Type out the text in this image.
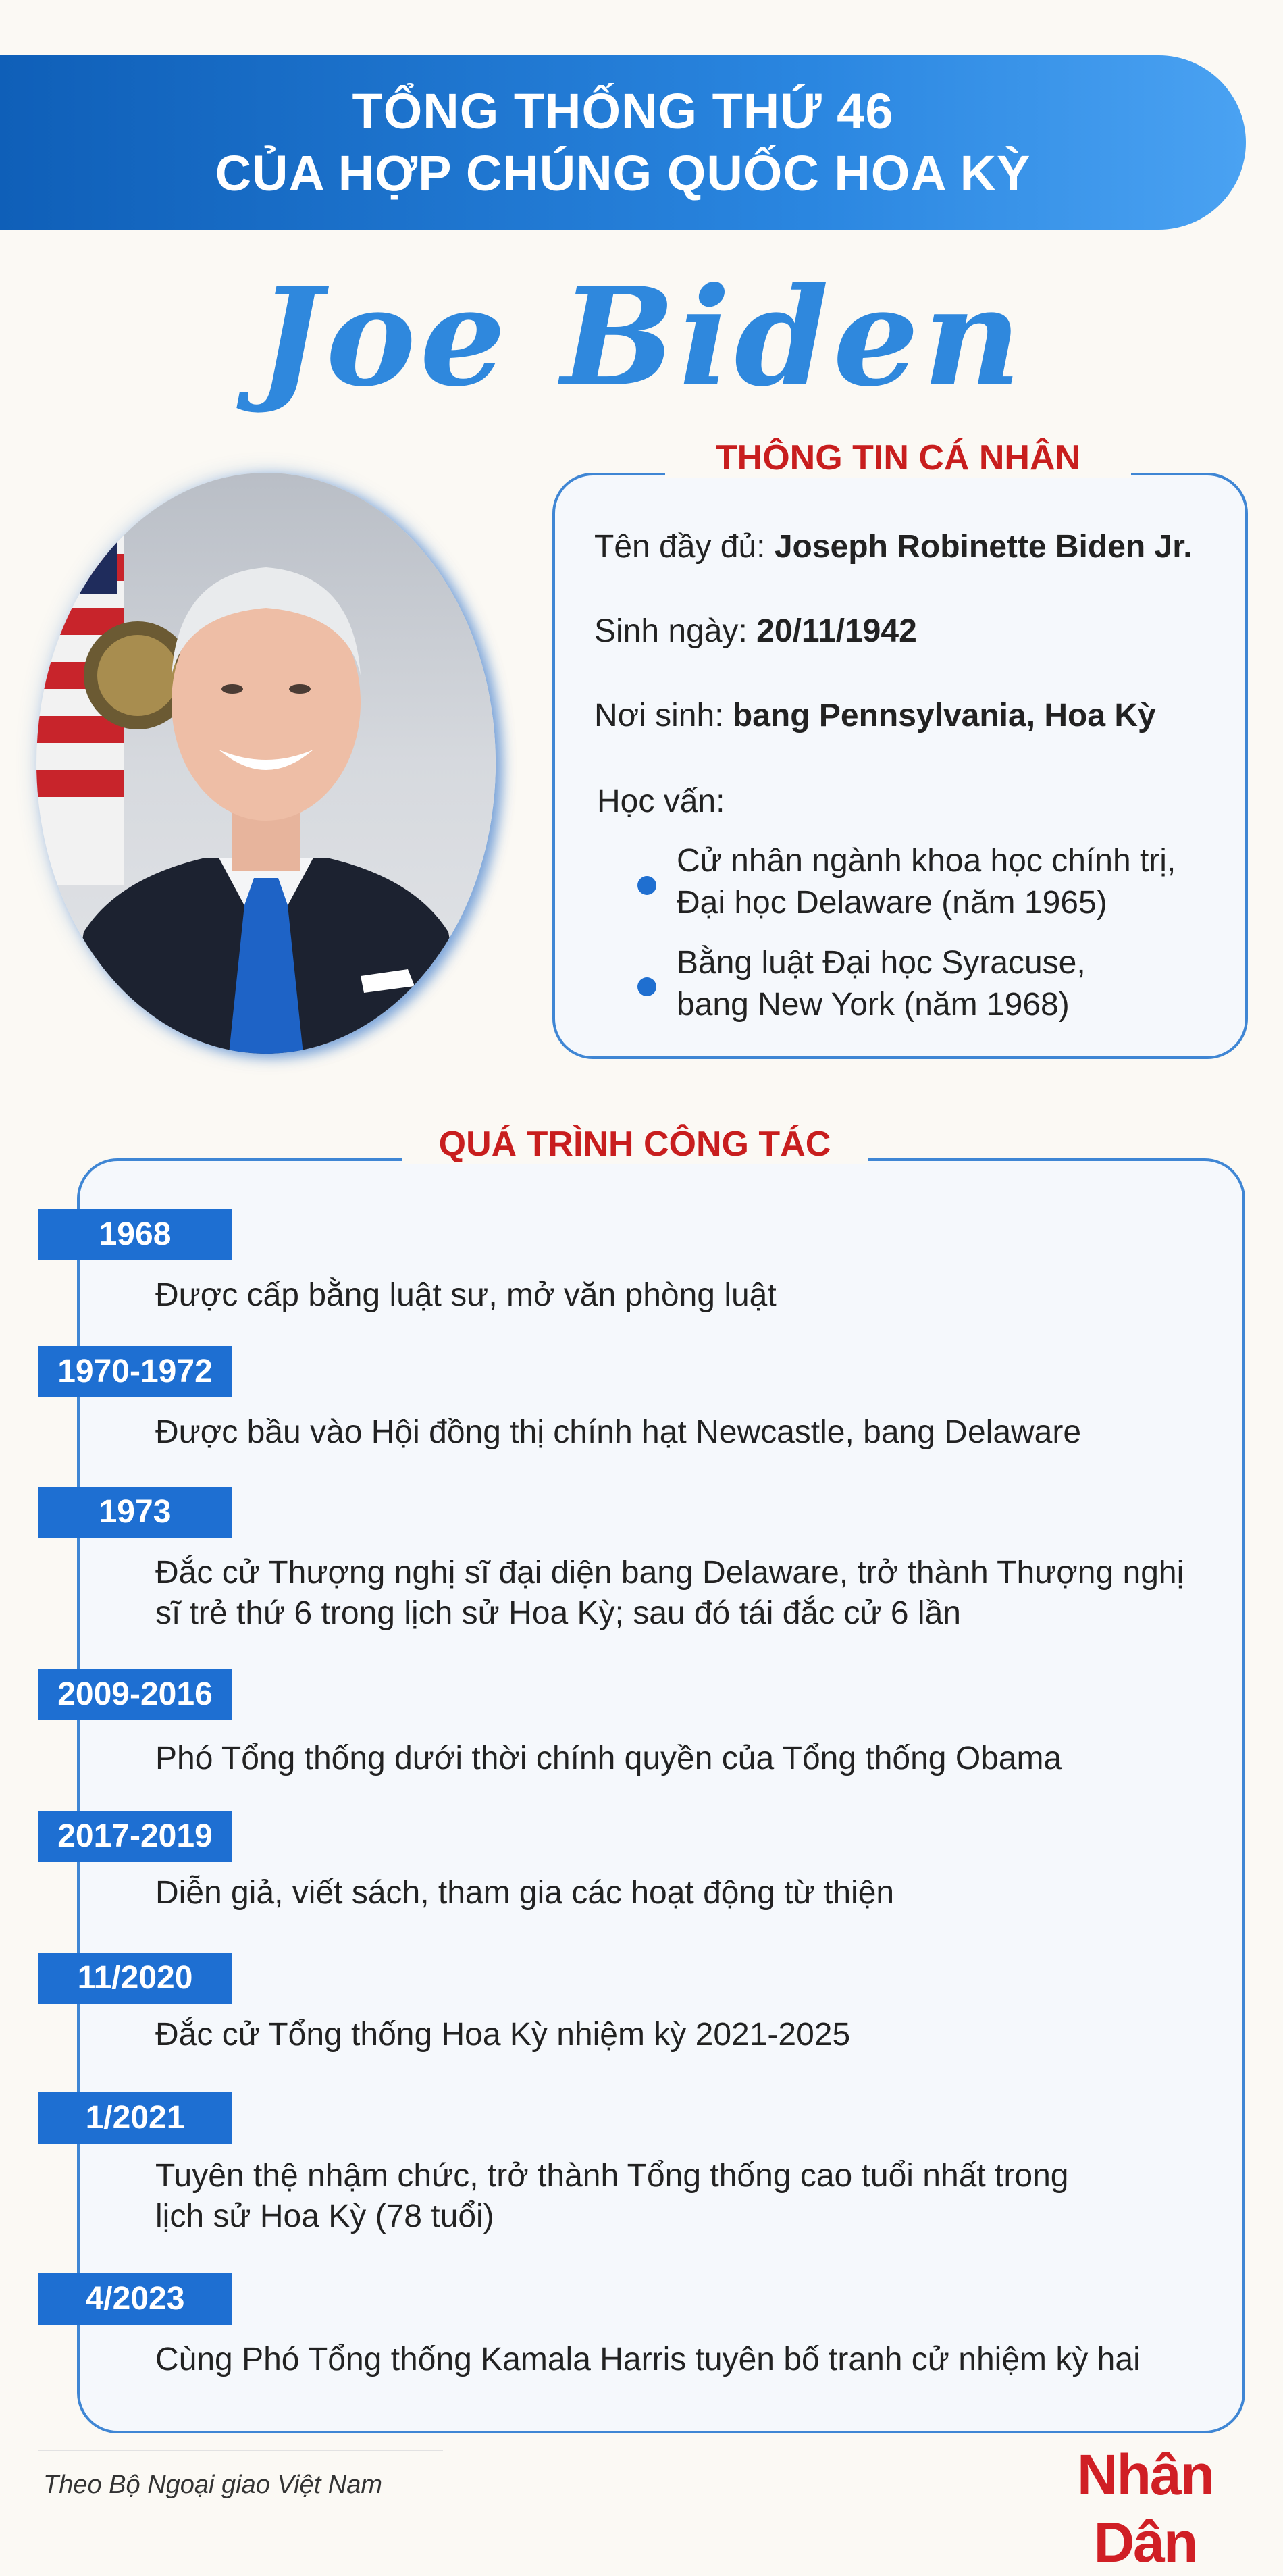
TỔNG THỐNG THỨ 46
CỦA HỢP CHÚNG QUỐC HOA KỲ
Joe Biden
THÔNG TIN CÁ NHÂN
Tên đầy đủ: Joseph Robinette Biden Jr.
Sinh ngày: 20/11/1942
Nơi sinh: bang Pennsylvania, Hoa Kỳ
Học vấn:
Cử nhân ngành khoa học chính trị,
Đại học Delaware (năm 1965)
Bằng luật Đại học Syracuse,
bang New York (năm 1968)
QUÁ TRÌNH CÔNG TÁC
1968
Được cấp bằng luật sư, mở văn phòng luật
1970-1972
Được bầu vào Hội đồng thị chính hạt Newcastle, bang Delaware
1973
Đắc cử Thượng nghị sĩ đại diện bang Delaware, trở thành Thượng nghị
sĩ trẻ thứ 6 trong lịch sử Hoa Kỳ; sau đó tái đắc cử 6 lần
2009-2016
Phó Tổng thống dưới thời chính quyền của Tổng thống Obama
2017-2019
Diễn giả, viết sách, tham gia các hoạt động từ thiện
11/2020
Đắc cử Tổng thống Hoa Kỳ nhiệm kỳ 2021-2025
1/2021
Tuyên thệ nhậm chức, trở thành Tổng thống cao tuổi nhất trong
lịch sử Hoa Kỳ (78 tuổi)
4/2023
Cùng Phó Tổng thống Kamala Harris tuyên bố tranh cử nhiệm kỳ hai
Theo Bộ Ngoại giao Việt Nam	Nhân Dân
